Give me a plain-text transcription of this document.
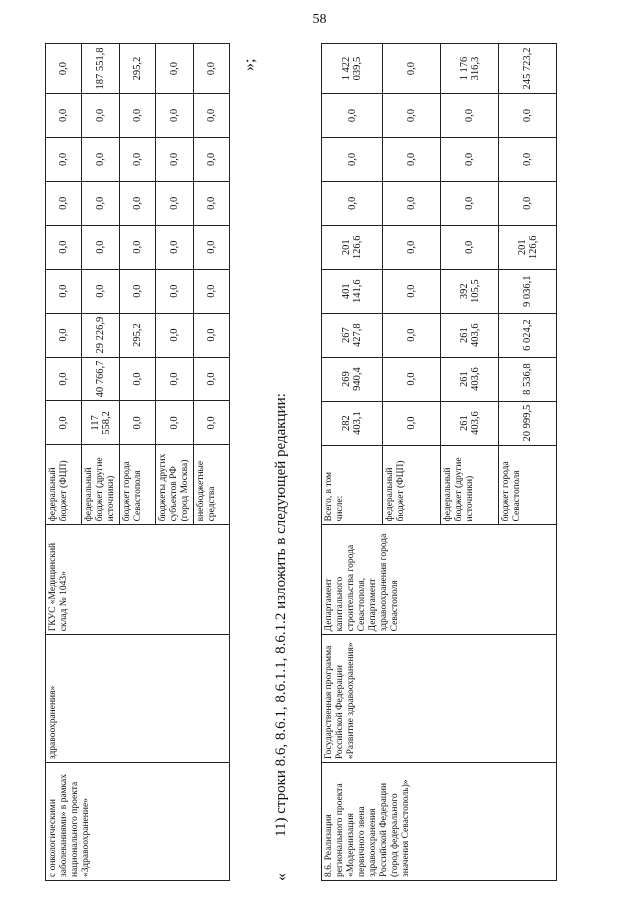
58
с онкологическими заболеваниями» в рамках национального проекта «Здравоохранение»	здравоохранения»	ГКУС «Медицинский склад № 1043»	федеральный бюджет (ФЦП)	0,0	0,0	0,0	0,0	0,0	0,0	0,0	0,0	0,0
			федеральный бюджет (другие источники)	117 558,2	40 766,7	29 226,9	0,0	0,0	0,0	0,0	0,0	187 551,8
			бюджет города Севастополя	0,0	0,0	295,2	0,0	0,0	0,0	0,0	0,0	295,2
			бюджеты других субъектов РФ (город Москва)	0,0	0,0	0,0	0,0	0,0	0,0	0,0	0,0	0,0
			внебюджетные средства	0,0	0,0	0,0	0,0	0,0	0,0	0,0	0,0	0,0 »;
11) строки 8.6, 8.6.1, 8.6.1.1, 8.6.1.2 изложить в следующей редакции:
«	8.6. Реализация регионального проекта «Модернизация первичного звена здравоохранения Российской Федерации (город федерального значения Севастополь)»	Государственная программа Российской Федерации «Развитие здравоохранения»	Департамент капитального строительства города Севастополя, Департамент здравоохранения города Севастополя	Всего, в том числе:	282 403,1	269 940,4	267 427,8	401 141,6	201 126,6	0,0	0,0	0,0	1 422 039,5
			федеральный бюджет (ФЦП)	0,0	0,0	0,0	0,0	0,0	0,0	0,0	0,0	0,0
			федеральный бюджет (другие источники)	261 403,6	261 403,6	261 403,6	392 105,5	0,0	0,0	0,0	0,0	1 176 316,3
			бюджет города Севастополя	20 999,5	8 536,8	6 024,2	9 036,1	201 126,6	0,0	0,0	0,0	245 723,2
